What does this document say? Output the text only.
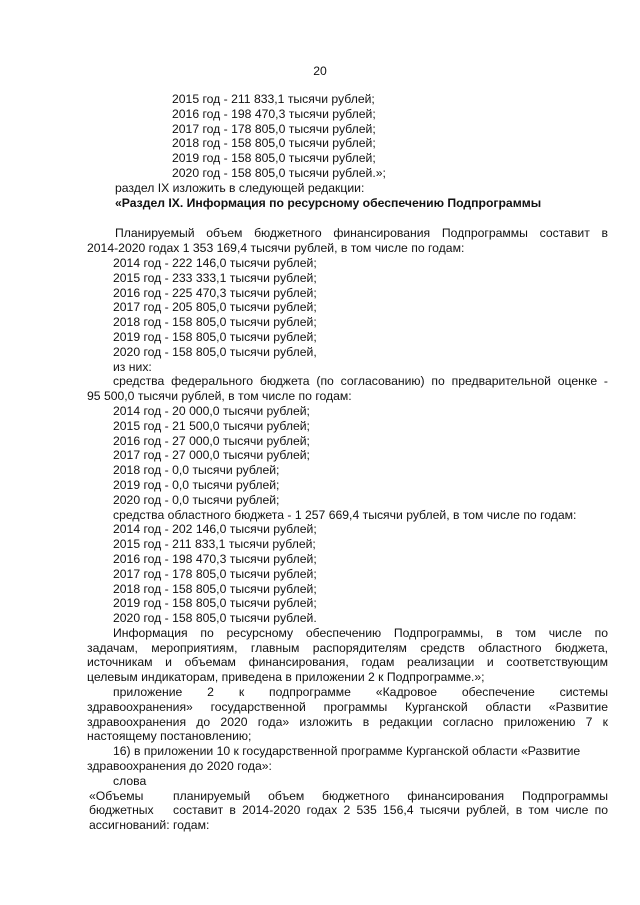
20
2015 год - 211 833,1 тысячи рублей;
2016 год - 198 470,3 тысячи рублей;
2017 год - 178 805,0 тысячи рублей;
2018 год - 158 805,0 тысячи рублей;
2019 год - 158 805,0 тысячи рублей;
2020 год - 158 805,0 тысячи рублей.»;
раздел IX изложить в следующей редакции:
«Раздел IX. Информация по ресурсному обеспечению Подпрограммы
Планируемый объем бюджетного финансирования Подпрограммы составит в
2014-2020 годах 1 353 169,4 тысячи рублей, в том числе по годам:
2014 год - 222 146,0 тысячи рублей;
2015 год - 233 333,1 тысячи рублей;
2016 год - 225 470,3 тысячи рублей;
2017 год - 205 805,0 тысячи рублей;
2018 год - 158 805,0 тысячи рублей;
2019 год - 158 805,0 тысячи рублей;
2020 год - 158 805,0 тысячи рублей,
из них:
средства федерального бюджета (по согласованию) по предварительной оценке -
95 500,0 тысячи рублей, в том числе по годам:
2014 год - 20 000,0 тысячи рублей;
2015 год - 21 500,0 тысячи рублей;
2016 год - 27 000,0 тысячи рублей;
2017 год - 27 000,0 тысячи рублей;
2018 год - 0,0 тысячи рублей;
2019 год - 0,0 тысячи рублей;
2020 год - 0,0 тысячи рублей;
средства областного бюджета - 1 257 669,4 тысячи рублей, в том числе по годам:
2014 год - 202 146,0 тысячи рублей;
2015 год - 211 833,1 тысячи рублей;
2016 год - 198 470,3 тысячи рублей;
2017 год - 178 805,0 тысячи рублей;
2018 год - 158 805,0 тысячи рублей;
2019 год - 158 805,0 тысячи рублей;
2020 год - 158 805,0 тысячи рублей.
Информация по ресурсному обеспечению Подпрограммы, в том числе по
задачам, мероприятиям, главным распорядителям средств областного бюджета,
источникам и объемам финансирования, годам реализации и соответствующим
целевым индикаторам, приведена в приложении 2 к Подпрограмме.»;
приложение 2 к подпрограмме «Кадровое обеспечение системы
здравоохранения» государственной программы Курганской области «Развитие
здравоохранения до 2020 года» изложить в редакции согласно приложению 7 к
настоящему постановлению;
16) в приложении 10 к государственной программе Курганской области «Развитие
здравоохранения до 2020 года»:
слова
«Объемы
бюджетных
ассигнований:
планируемый объем бюджетного финансирования Подпрограммы
составит в 2014-2020 годах 2 535 156,4 тысячи рублей, в том числе по
годам:
